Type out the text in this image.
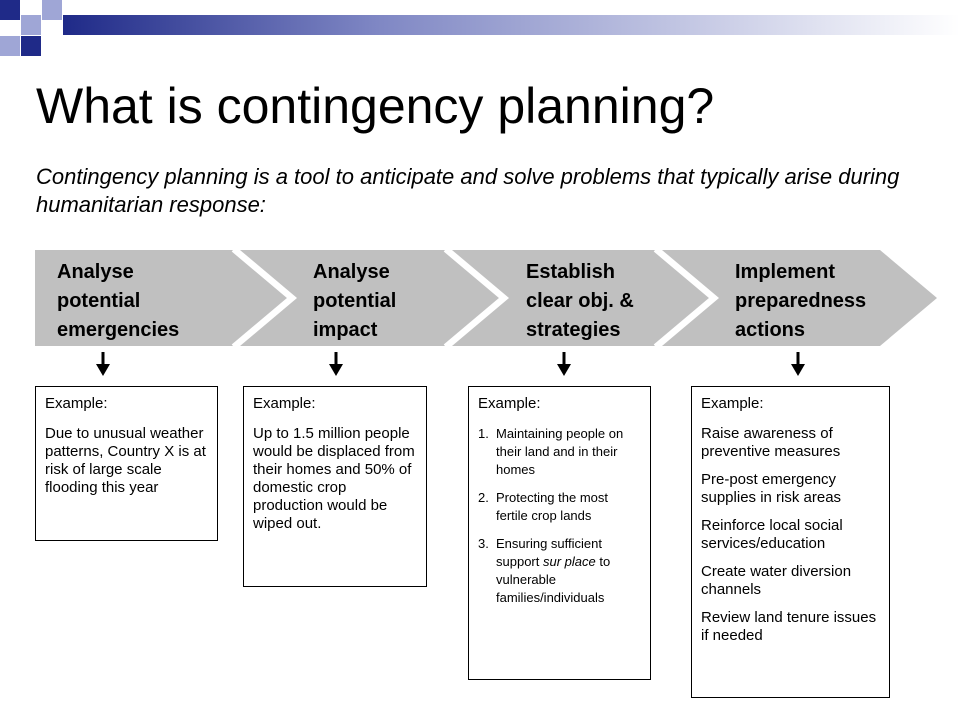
What is contingency planning?
Contingency planning is a tool to anticipate and solve problems that typically arise during humanitarian response:
Analyse
potential
emergencies
Analyse
potential
impact
Establish
clear obj. &
strategies
Implement
preparedness
actions
Example:
Due to unusual weather patterns, Country X is at risk of large scale flooding this year
Example:
Up to 1.5 million people would be displaced from their homes and 50% of domestic crop production would be wiped out.
Example:
1. Maintaining people on their land and in their homes
2. Protecting the most fertile crop lands
3. Ensuring sufficient support sur place to vulnerable families/individuals
Example:
Raise awareness of preventive measures
Pre-post emergency supplies in risk areas
Reinforce local social services/education
Create water diversion channels
Review land tenure issues if needed
